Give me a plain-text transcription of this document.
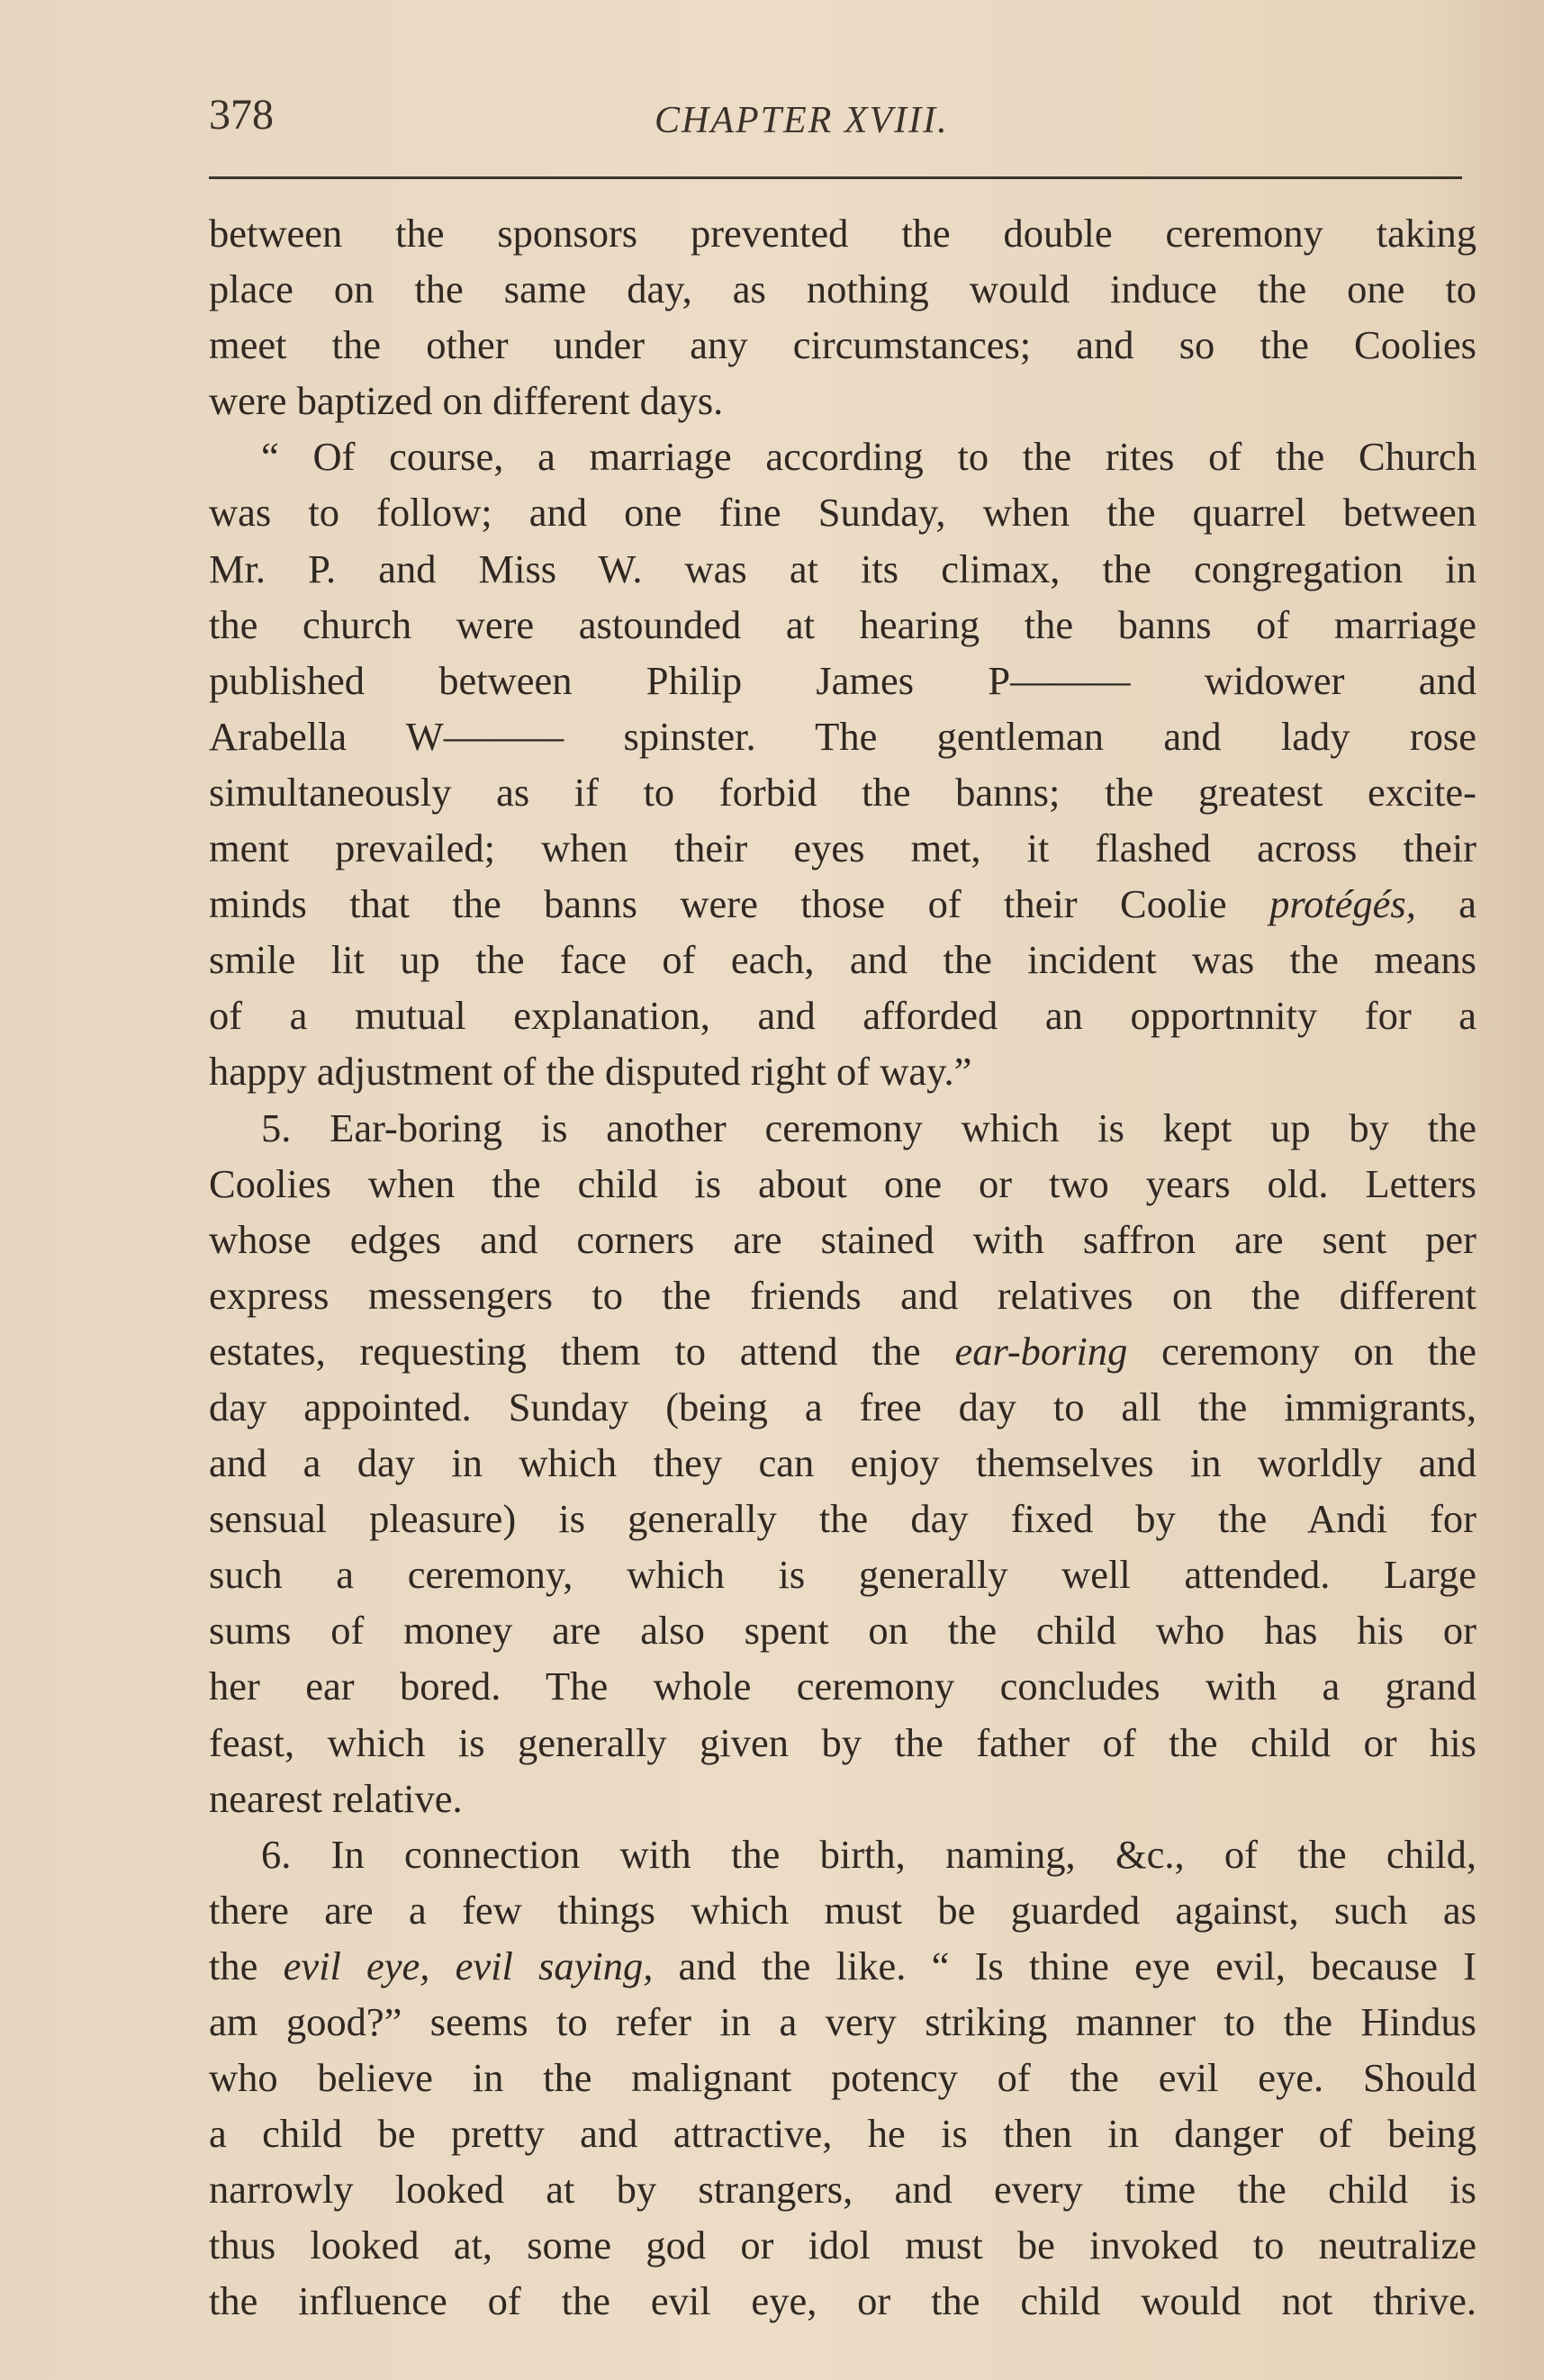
378	CHAPTER XVIII.
between the sponsors prevented the double ceremony taking
place on the same day, as nothing would induce the one to
meet the other under any circumstances; and so the Coolies
were baptized on different days.
“ Of course, a marriage according to the rites of the Church
was to follow; and one fine Sunday, when the quarrel between
Mr. P. and Miss W. was at its climax, the congregation in
the church were astounded at hearing the banns of marriage
published between Philip James P——— widower and
Arabella W——— spinster. The gentleman and lady rose
simultaneously as if to forbid the banns; the greatest excite-
ment prevailed; when their eyes met, it flashed across their
minds that the banns were those of their Coolie protégés, a
smile lit up the face of each, and the incident was the means
of a mutual explanation, and afforded an opportnnity for a
happy adjustment of the disputed right of way.”
5. Ear-boring is another ceremony which is kept up by the
Coolies when the child is about one or two years old. Letters
whose edges and corners are stained with saffron are sent per
express messengers to the friends and relatives on the different
estates, requesting them to attend the ear-boring ceremony on the
day appointed. Sunday (being a free day to all the immigrants,
and a day in which they can enjoy themselves in worldly and
sensual pleasure) is generally the day fixed by the Andi for
such a ceremony, which is generally well attended. Large
sums of money are also spent on the child who has his or
her ear bored. The whole ceremony concludes with a grand
feast, which is generally given by the father of the child or his
nearest relative.
6. In connection with the birth, naming, &c., of the child,
there are a few things which must be guarded against, such as
the evil eye, evil saying, and the like. “ Is thine eye evil, because I
am good?” seems to refer in a very striking manner to the Hindus
who believe in the malignant potency of the evil eye. Should
a child be pretty and attractive, he is then in danger of being
narrowly looked at by strangers, and every time the child is
thus looked at, some god or idol must be invoked to neutralize
the influence of the evil eye, or the child would not thrive.
